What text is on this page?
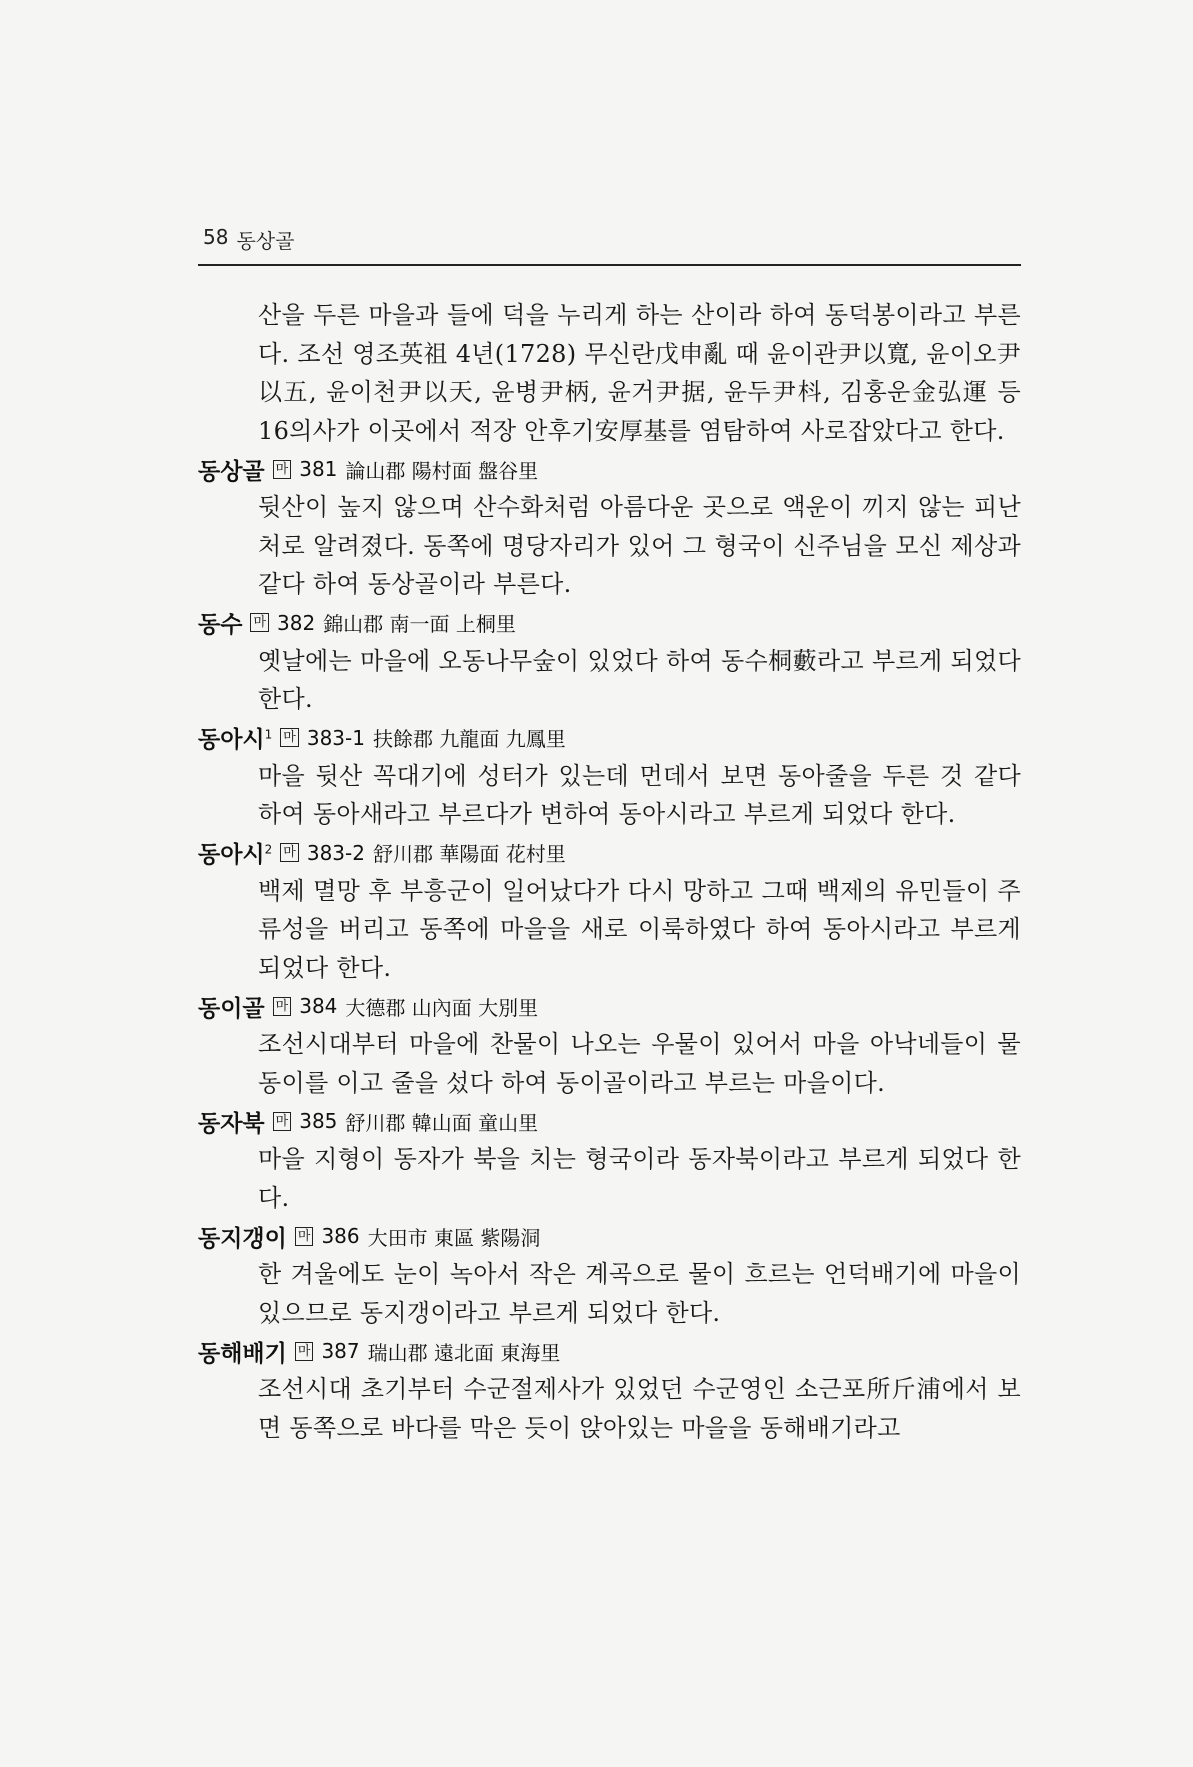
58 동상골

산을 두른 마을과 들에 덕을 누리게 하는 산이라 하여 동덕봉이라고 부른다. 조선 영조英祖 4년(1728) 무신란戊申亂 때 윤이관尹以寬, 윤이오尹以五, 윤이천尹以天, 윤병尹柄, 윤거尹据, 윤두尹枓, 김홍운金弘運 등 16의사가 이곳에서 적장 안후기安厚基를 염탐하여 사로잡았다고 한다.

동상골 마 381 論山郡 陽村面 盤谷里

뒷산이 높지 않으며 산수화처럼 아름다운 곳으로 액운이 끼지 않는 피난처로 알려졌다. 동쪽에 명당자리가 있어 그 형국이 신주님을 모신 제상과 같다 하여 동상골이라 부른다.

동수 마 382 錦山郡 南一面 上桐里

옛날에는 마을에 오동나무숲이 있었다 하여 동수桐藪라고 부르게 되었다 한다.

동아시$^1$ 마 383-1 扶餘郡 九龍面 九鳳里

마을 뒷산 꼭대기에 성터가 있는데 먼데서 보면 동아줄을 두른 것 같다 하여 동아새라고 부르다가 변하여 동아시라고 부르게 되었다 한다.

동아시$^2$ 마 383-2 舒川郡 華陽面 花村里

백제 멸망 후 부흥군이 일어났다가 다시 망하고 그때 백제의 유민들이 주류성을 버리고 동쪽에 마을을 새로 이룩하였다 하여 동아시라고 부르게 되었다 한다.

동이골 마 384 大德郡 山內面 大別里

조선시대부터 마을에 찬물이 나오는 우물이 있어서 마을 아낙네들이 물동이를 이고 줄을 섰다 하여 동이골이라고 부르는 마을이다.

동자북 마 385 舒川郡 韓山面 童山里

마을 지형이 동자가 북을 치는 형국이라 동자북이라고 부르게 되었다 한다.

동지갱이 마 386 大田市 東區 紫陽洞

한 겨울에도 눈이 녹아서 작은 계곡으로 물이 흐르는 언덕배기에 마을이 있으므로 동지갱이라고 부르게 되었다 한다.

동해배기 마 387 瑞山郡 遠北面 東海里

조선시대 초기부터 수군절제사가 있었던 수군영인 소근포所斤浦에서 보면 동쪽으로 바다를 막은 듯이 앉아있는 마을을 동해배기라고
